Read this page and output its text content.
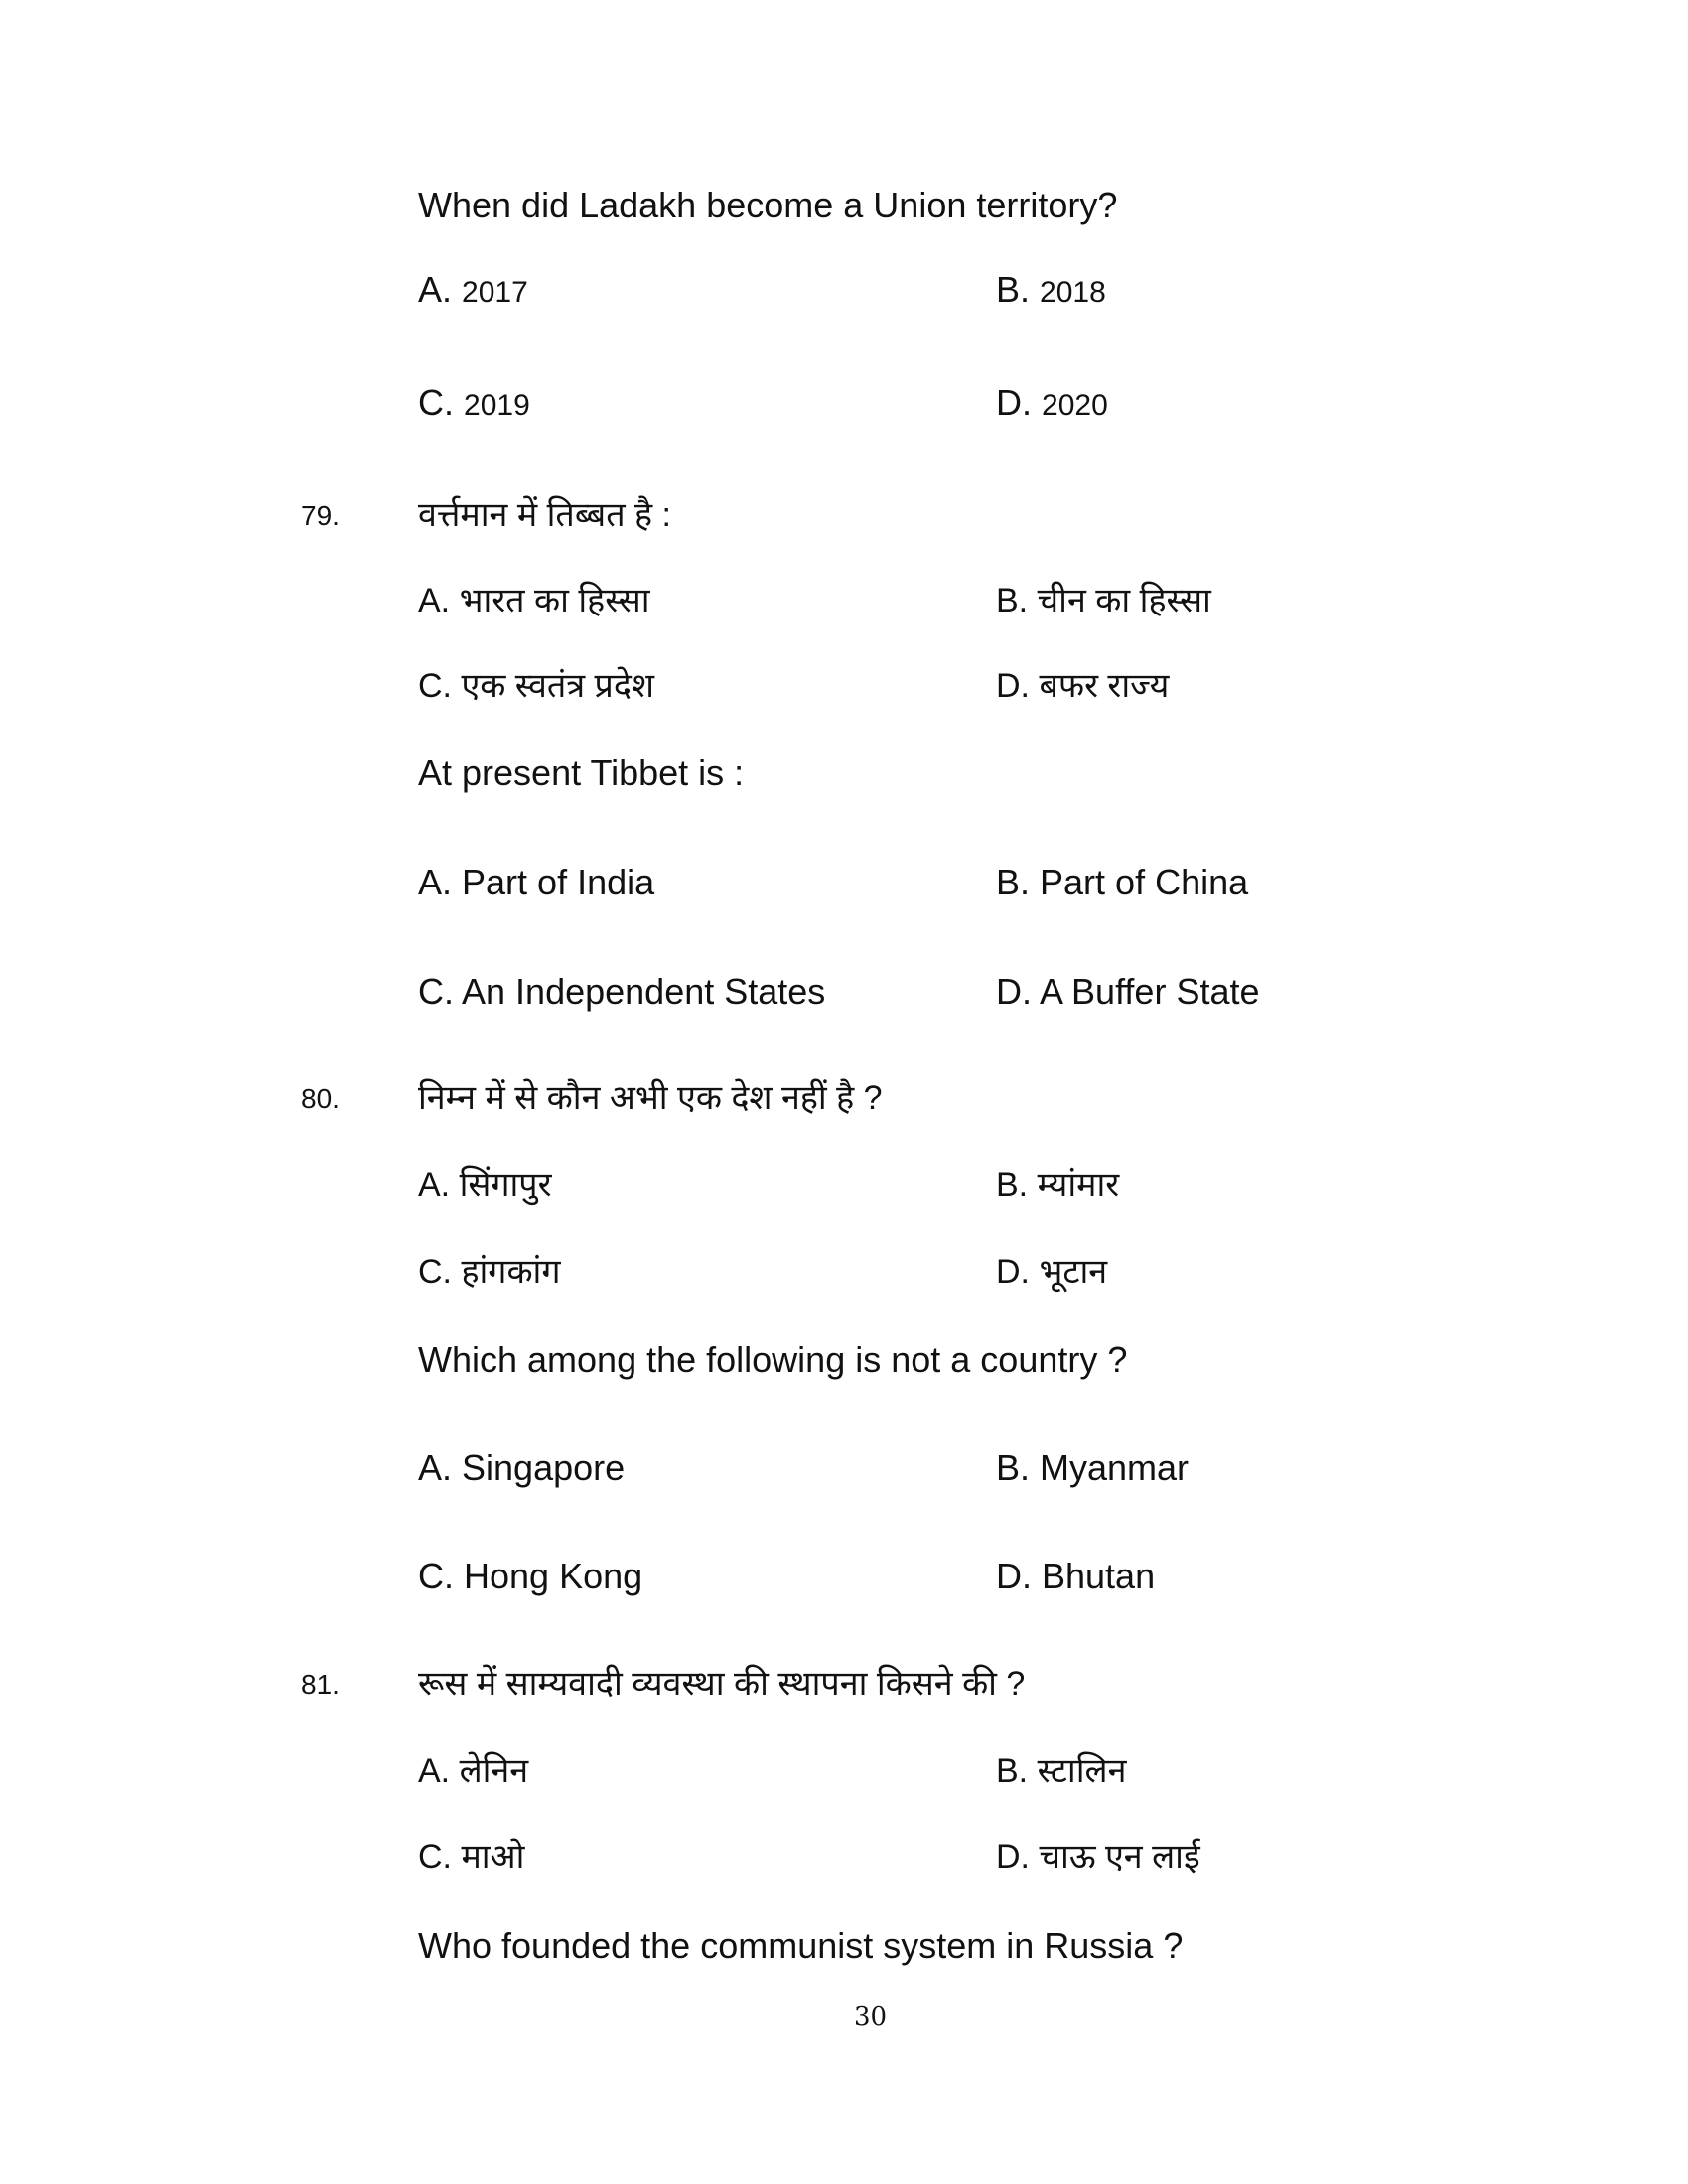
When did Ladakh become a Union territory?
A. 2017	B. 2018
C. 2019	D. 2020
79. वर्त्तमान में तिब्बत है :
A. भारत का हिस्सा	B. चीन का हिस्सा
C. एक स्वतंत्र प्रदेश	D. बफर राज्य
At present Tibbet is :
A. Part of India	B. Part of China
C. An Independent States	D. A Buffer State
80. निम्न में से कौन अभी एक देश नहीं है ?
A. सिंगापुर	B. म्यांमार
C. हांगकांग	D. भूटान
Which among the following is not a country ?
A. Singapore	B. Myanmar
C. Hong Kong	D. Bhutan
81. रूस में साम्यवादी व्यवस्था की स्थापना किसने की ?
A. लेनिन	B. स्टालिन
C. माओ	D. चाऊ एन लाई
Who founded the communist system in Russia ?
30
